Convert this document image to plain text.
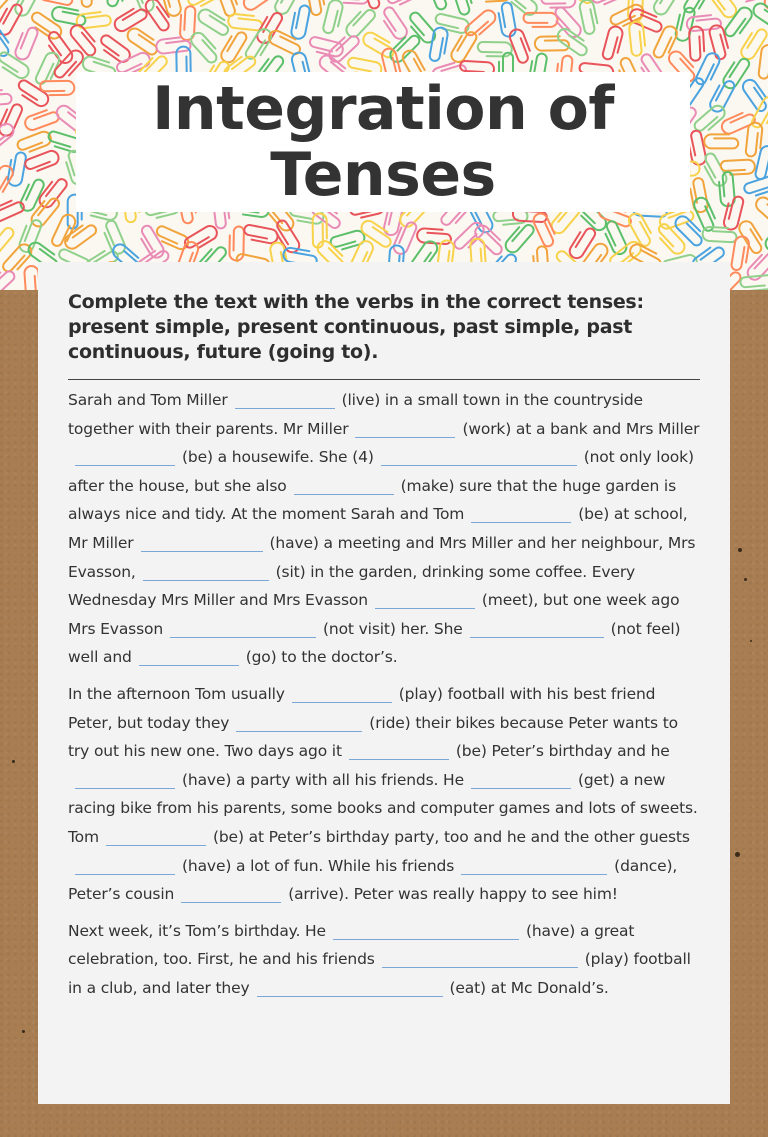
Integration of
Tenses

Complete the text with the verbs in the correct tenses: present simple, present continuous, past simple, past continuous, future (going to).

Sarah and Tom Miller	(live) in a small town in the countryside together with their parents. Mr Miller	(work) at a bank and Mrs Miller(be) a housewife. She (4)	(not only look) after the house, but she also	(make) sure that the huge garden is always nice and tidy. At the moment Sarah and Tom	(be) at school, Mr Miller	(have) a meeting and Mrs Miller and her neighbour, Mrs Evasson,	(sit) in the garden, drinking some coffee. Every Wednesday Mrs Miller and Mrs Evasson	(meet), but one week ago Mrs Evasson	(not visit) her. She	(not feel) well and	(go) to the doctor’s.

In the afternoon Tom usually	(play) football with his best friend Peter, but today they	(ride) their bikes because Peter wants to try out his new one. Two days ago it	(be) Peter’s birthday and he(have) a party with all his friends. He	(get) a new racing bike from his parents, some books and computer games and lots of sweets. Tom	(be) at Peter’s birthday party, too and he and the other guests(have) a lot of fun. While his friends	(dance), Peter’s cousin	(arrive). Peter was really happy to see him!

Next week, it’s Tom’s birthday. He	(have) a great celebration, too. First, he and his friends	(play) football in a club, and later they	(eat) at Mc Donald’s.
